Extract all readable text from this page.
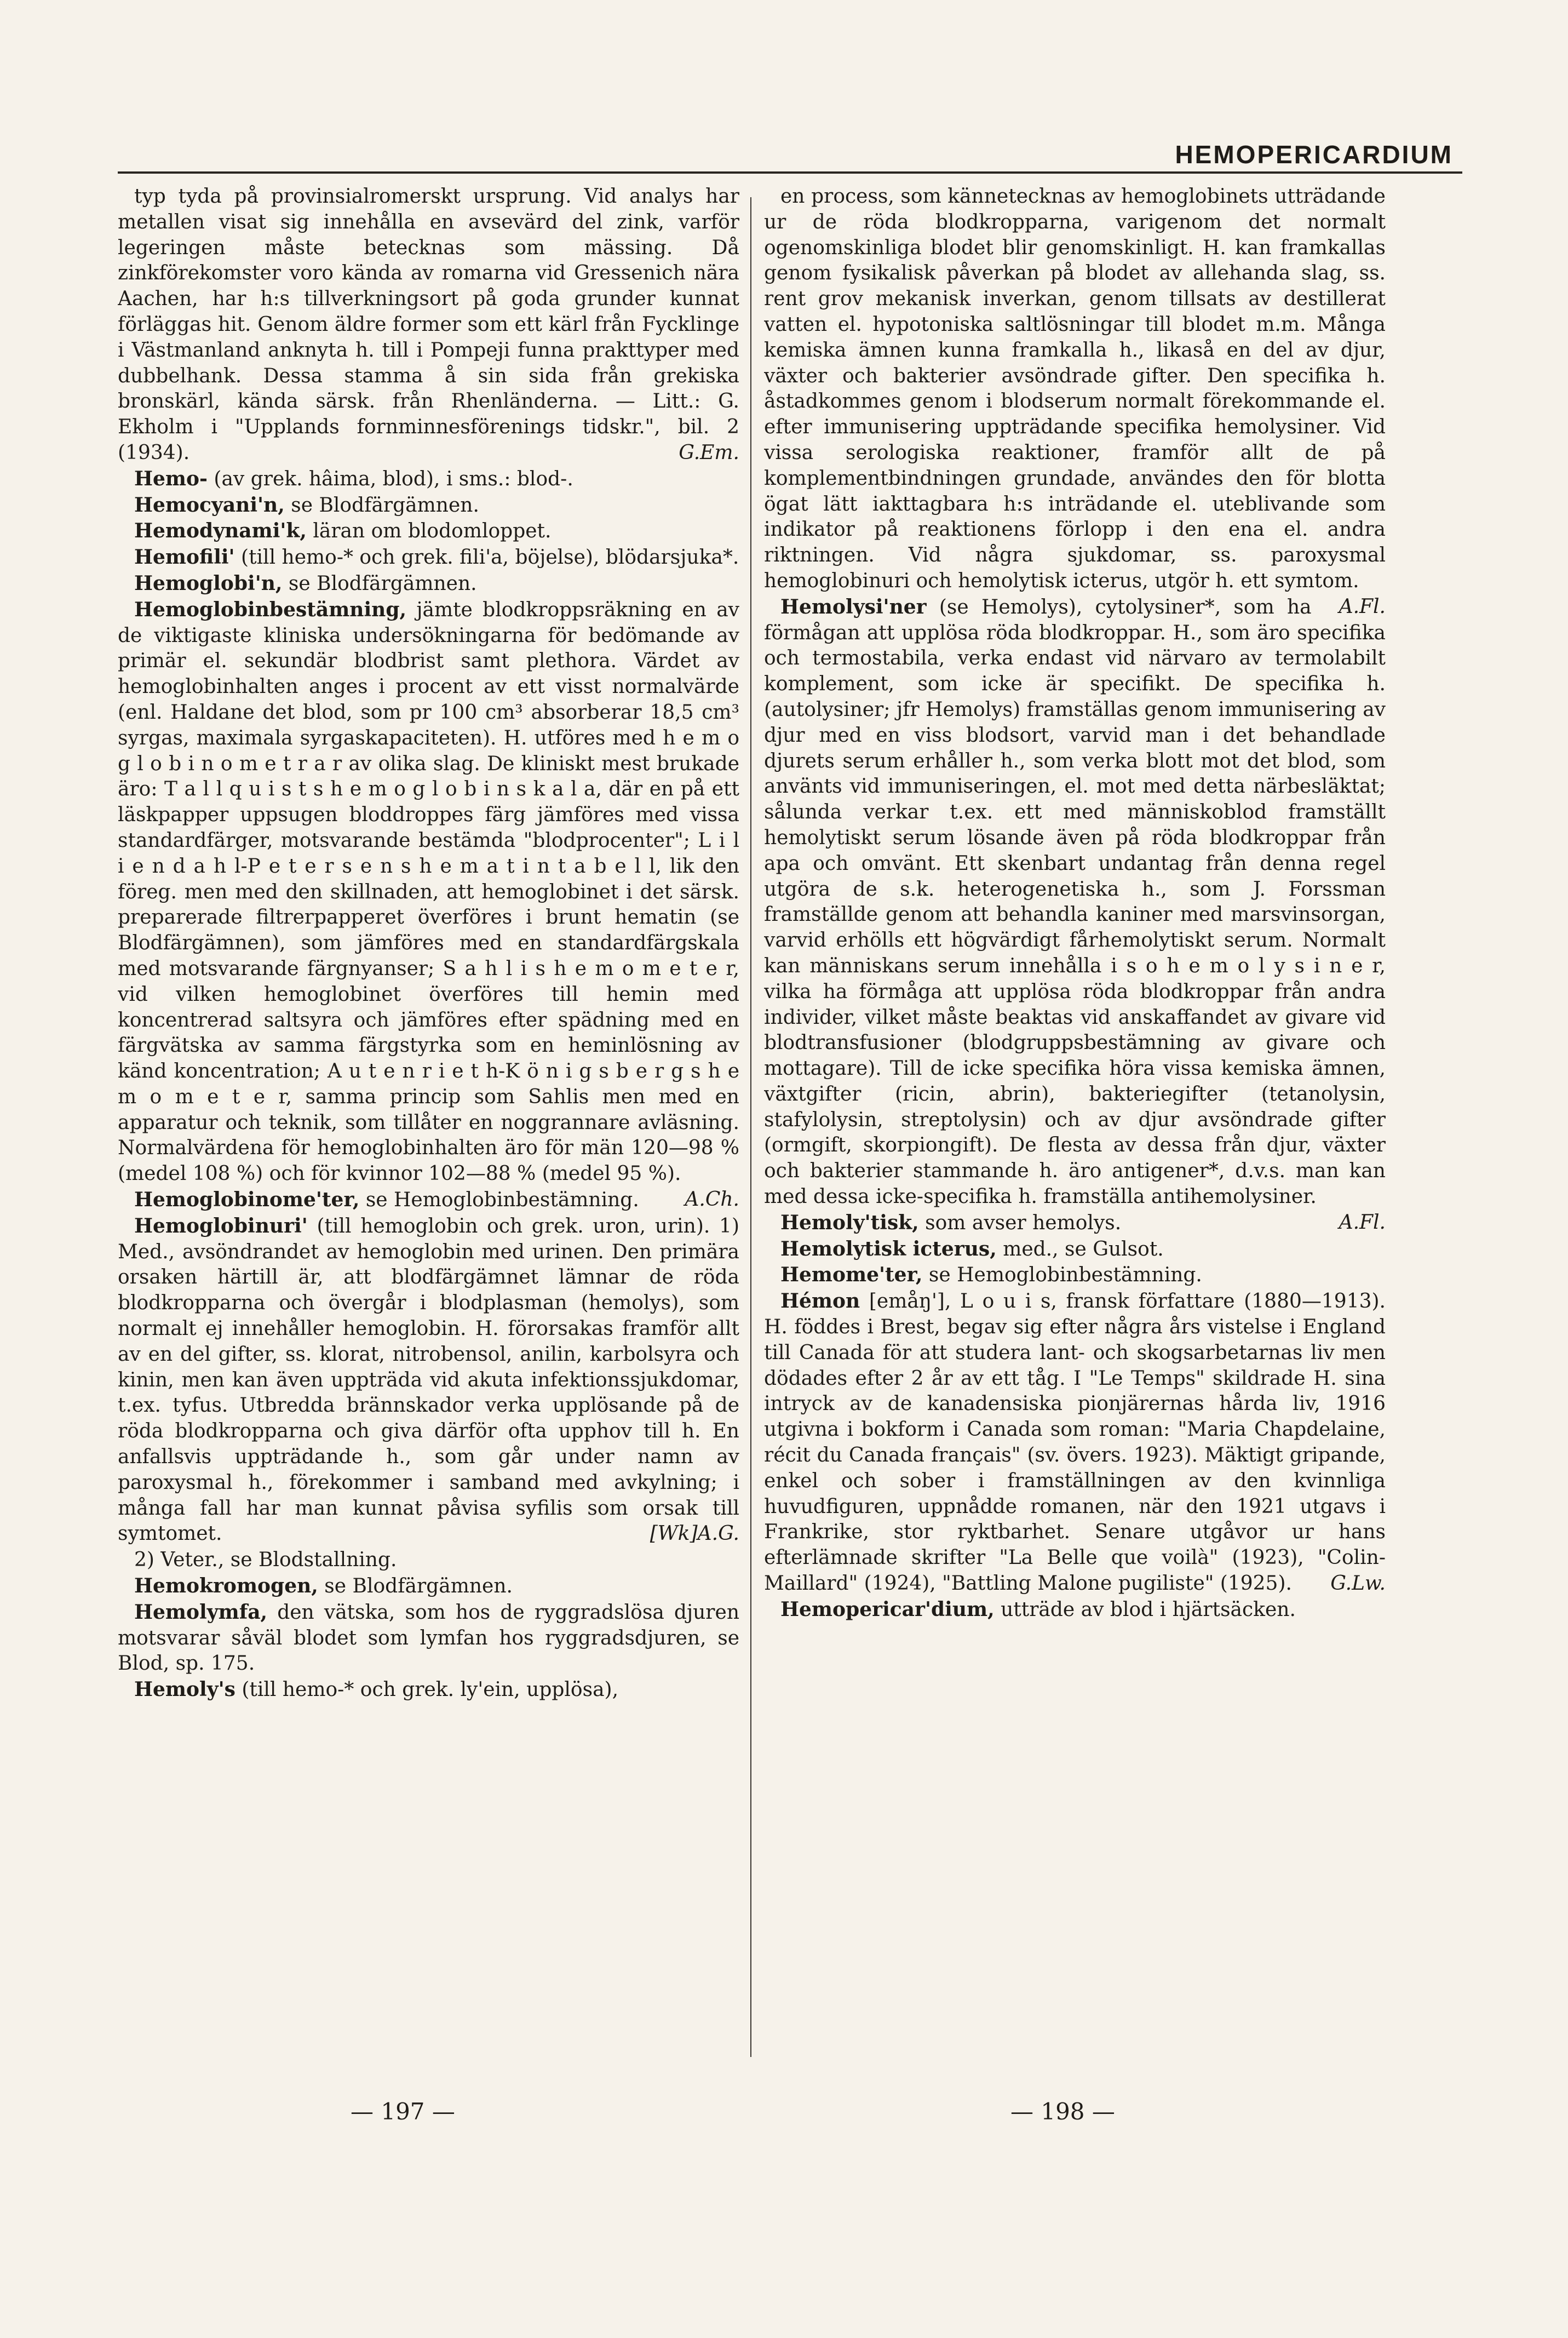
HEMOPERICARDIUM

typ tyda på provinsialromerskt ursprung. Vid analys har metallen visat sig innehålla en avsevärd del zink, varför legeringen måste betecknas som mässing. Då zinkförekomster voro kända av romarna vid Gressenich nära Aachen, har h:s tillverkningsort på goda grunder kunnat förläggas hit. Genom äldre former som ett kärl från Fycklinge i Västmanland anknyta h. till i Pompeji funna prakttyper med dubbelhank. Dessa stamma å sin sida från grekiska bronskärl, kända särsk. från Rhenländerna. — Litt.: G. Ekholm i "Upplands fornminnesförenings tidskr.", bil. 2 (1934).	G.Em.

Hemo- (av grek. hâima, blod), i sms.: blod-.

Hemocyani'n, se Blodfärgämnen.

Hemodynami'k, läran om blodomloppet.

Hemofili' (till hemo-* och grek. fili'a, böjelse), blödarsjuka*.

Hemoglobi'n, se Blodfärgämnen.

Hemoglobinbestämning, jämte blodkroppsräkning en av de viktigaste kliniska undersökningarna för bedömande av primär el. sekundär blodbrist samt plethora. Värdet av hemoglobinhalten anges i procent av ett visst normalvärde (enl. Haldane det blod, som pr 100 cm³ absorberar 18,5 cm³ syrgas, maximala syrgaskapaciteten). H. utföres med h e m o g l o b i n o m e t r a r av olika slag. De kliniskt mest brukade äro: T a l l q u i s t s h e m o g l o b i n s k a l a, där en på ett läskpapper uppsugen bloddroppes färg jämföres med vissa standardfärger, motsvarande bestämda "blodprocenter"; L i l i e n d a h l-P e t e r s e n s h e m a t i n t a b e l l, lik den föreg. men med den skillnaden, att hemoglobinet i det särsk. preparerade filtrerpapperet överföres i brunt hematin (se Blodfärgämnen), som jämföres med en standardfärgskala med motsvarande färgnyanser; S a h l i s h e m o m e t e r, vid vilken hemoglobinet överföres till hemin med koncentrerad saltsyra och jämföres efter spädning med en färgvätska av samma färgstyrka som en heminlösning av känd koncentration; A u t e n r i e t h-K ö n i g s b e r g s h e m o m e t e r, samma princip som Sahlis men med en apparatur och teknik, som tillåter en noggrannare avläsning. Normalvärdena för hemoglobinhalten äro för män 120—98 % (medel 108 %) och för kvinnor 102—88 % (medel 95 %).
A.Ch.

Hemoglobinome'ter, se Hemoglobinbestämning.

Hemoglobinuri' (till hemoglobin och grek. uron, urin). 1) Med., avsöndrandet av hemoglobin med urinen. Den primära orsaken härtill är, att blodfärgämnet lämnar de röda blodkropparna och övergår i blodplasman (hemolys), som normalt ej innehåller hemoglobin. H. förorsakas framför allt av en del gifter, ss. klorat, nitrobensol, anilin, karbolsyra och kinin, men kan även uppträda vid akuta infektionssjukdomar, t.ex. tyfus. Utbredda brännskador verka upplösande på de röda blodkropparna och giva därför ofta upphov till h. En anfallsvis uppträdande h., som går under namn av paroxysmal h., förekommer i samband med avkylning; i många fall har man kunnat påvisa syfilis som orsak till symtomet.	[Wk]A.G.

2) Veter., se Blodstallning.

Hemokromogen, se Blodfärgämnen.

Hemolymfa, den vätska, som hos de ryggradslösa djuren motsvarar såväl blodet som lymfan hos ryggradsdjuren, se Blod, sp. 175.

Hemoly's (till hemo-* och grek. ly'ein, upplösa),

en process, som kännetecknas av hemoglobinets utträdande ur de röda blodkropparna, varigenom det normalt ogenomskinliga blodet blir genomskinligt. H. kan framkallas genom fysikalisk påverkan på blodet av allehanda slag, ss. rent grov mekanisk inverkan, genom tillsats av destillerat vatten el. hypotoniska saltlösningar till blodet m.m. Många kemiska ämnen kunna framkalla h., likaså en del av djur, växter och bakterier avsöndrade gifter. Den specifika h. åstadkommes genom i blodserum normalt förekommande el. efter immunisering uppträdande specifika hemolysiner. Vid vissa serologiska reaktioner, framför allt de på komplementbindningen grundade, användes den för blotta ögat lätt iakttagbara h:s inträdande el. uteblivande som indikator på reaktionens förlopp i den ena el. andra riktningen. Vid några sjukdomar, ss. paroxysmal hemoglobinuri och hemolytisk icterus, utgör h. ett symtom.
A.Fl.

Hemolysi'ner (se Hemolys), cytolysiner*, som ha förmågan att upplösa röda blodkroppar. H., som äro specifika och termostabila, verka endast vid närvaro av termolabilt komplement, som icke är specifikt. De specifika h. (autolysiner; jfr Hemolys) framställas genom immunisering av djur med en viss blodsort, varvid man i det behandlade djurets serum erhåller h., som verka blott mot det blod, som använts vid immuniseringen, el. mot med detta närbesläktat; sålunda verkar t.ex. ett med människoblod framställt hemolytiskt serum lösande även på röda blodkroppar från apa och omvänt. Ett skenbart undantag från denna regel utgöra de s.k. heterogenetiska h., som J. Forssman framställde genom att behandla kaniner med marsvinsorgan, varvid erhölls ett högvärdigt fårhemolytiskt serum. Normalt kan människans serum innehålla i s o h e m o l y s i n e r, vilka ha förmåga att upplösa röda blodkroppar från andra individer, vilket måste beaktas vid anskaffandet av givare vid blodtransfusioner (blodgruppsbestämning av givare och mottagare). Till de icke specifika höra vissa kemiska ämnen, växtgifter (ricin, abrin), bakteriegifter (tetanolysin, stafylolysin, streptolysin) och av djur avsöndrade gifter (ormgift, skorpiongift). De flesta av dessa från djur, växter och bakterier stammande h. äro antigener*, d.v.s. man kan med dessa icke-specifika h. framställa antihemolysiner.
A.Fl.

Hemoly'tisk, som avser hemolys.

Hemolytisk icterus, med., se Gulsot.

Hemome'ter, se Hemoglobinbestämning.

Hémon [emåŋ'], L o u i s, fransk författare (1880—1913). H. föddes i Brest, begav sig efter några års vistelse i England till Canada för att studera lant- och skogsarbetarnas liv men dödades efter 2 år av ett tåg. I "Le Temps" skildrade H. sina intryck av de kanadensiska pionjärernas hårda liv, 1916 utgivna i bokform i Canada som roman: "Maria Chapdelaine, récit du Canada français" (sv. övers. 1923). Mäktigt gripande, enkel och sober i framställningen av den kvinnliga huvudfiguren, uppnådde romanen, när den 1921 utgavs i Frankrike, stor ryktbarhet. Senare utgåvor ur hans efterlämnade skrifter "La Belle que voilà" (1923), "Colin-Maillard" (1924), "Battling Malone pugiliste" (1925).	G.Lw.

Hemopericar'dium, utträde av blod i hjärtsäcken.

— 197 —	— 198 —
